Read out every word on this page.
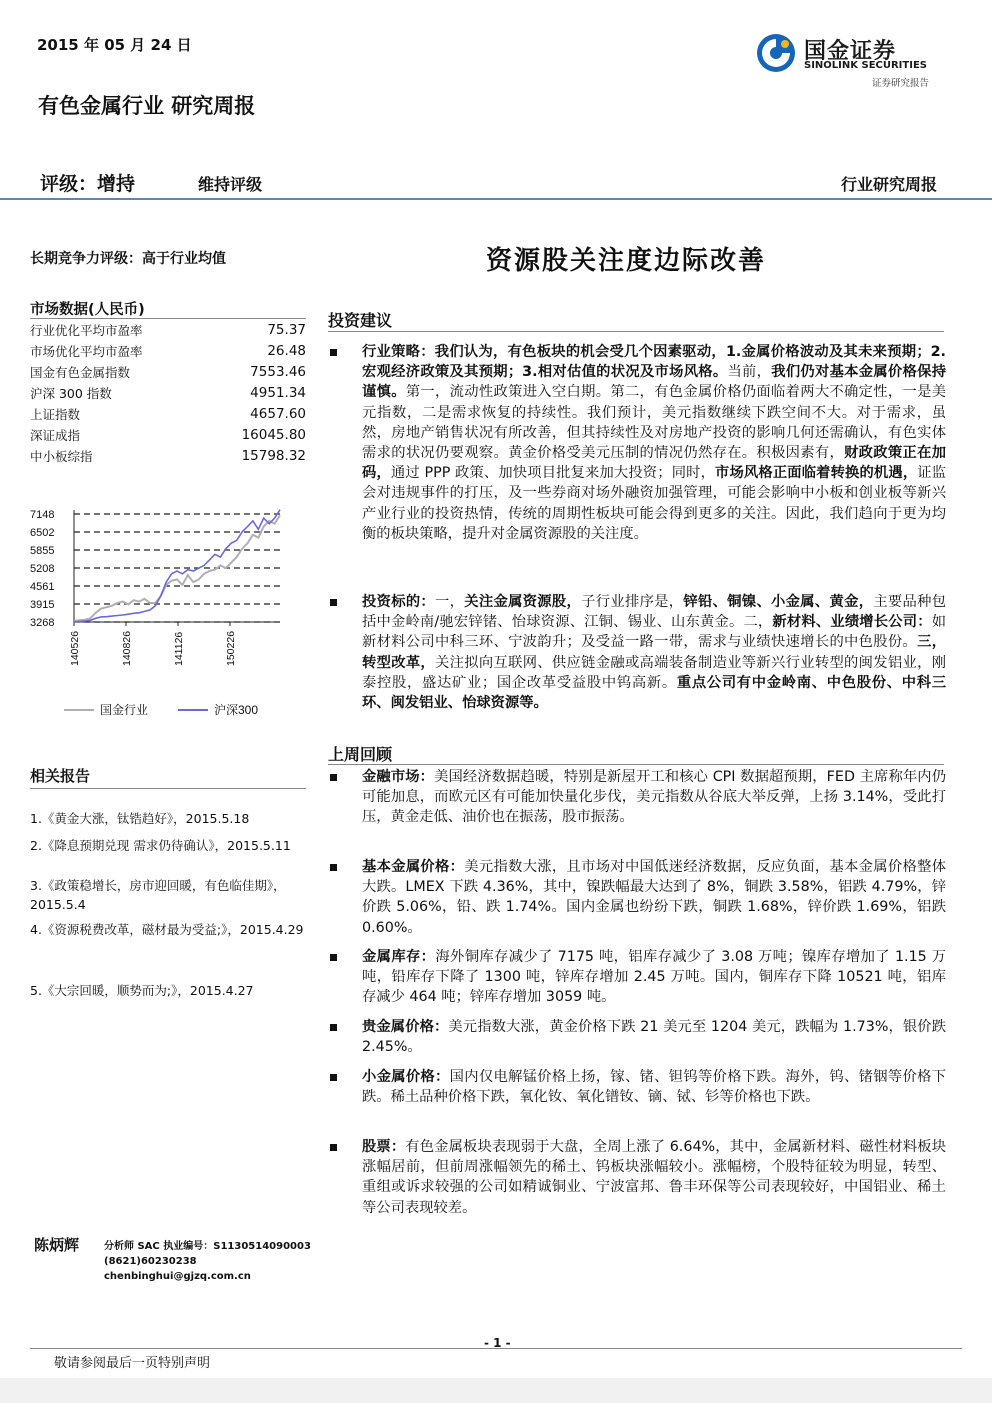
2015 年 05 月 24 日	国金证券
SINOLINK SECURITIES
证券研究报告
有色金属行业 研究周报
评级：增持	维持评级	行业研究周报
长期竞争力评级：高于行业均值	资源股关注度边际改善
市场数据(人民币)
行业优化平均市盈率	75.37
市场优化平均市盈率	26.48
国金有色金属指数	7553.46
沪深 300 指数	4951.34
上证指数	4657.60
深证成指	16045.80
中小板综指	15798.32
7148
6502
5855
5208
4561
3915
3268
140526	140826	141126	150226
国金行业	沪深300
相关报告
1.《黄金大涨，钛锆趋好》，2015.5.18
2.《降息预期兑现 需求仍待确认》，2015.5.11
3.《政策稳增长，房市迎回暖，有色临佳期》，2015.5.4
4.《资源税费改革，磁材最为受益;》，2015.4.29
5.《大宗回暖，顺势而为;》，2015.4.27
投资建议
行业策略：我们认为，有色板块的机会受几个因素驱动，1.金属价格波动及其未来预期；2.宏观经济政策及其预期；3.相对估值的状况及市场风格。当前，我们仍对基本金属价格保持谨慎。第一，流动性政策进入空白期。第二，有色金属价格仍面临着两大不确定性，一是美元指数，二是需求恢复的持续性。我们预计，美元指数继续下跌空间不大。对于需求，虽然，房地产销售状况有所改善，但其持续性及对房地产投资的影响几何还需确认，有色实体需求的状况仍要观察。黄金价格受美元压制的情况仍然存在。积极因素有，财政政策正在加码，通过 PPP 政策、加快项目批复来加大投资；同时，市场风格正面临着转换的机遇，证监会对违规事件的打压，及一些券商对场外融资加强管理，可能会影响中小板和创业板等新兴产业行业的投资热情，传统的周期性板块可能会得到更多的关注。因此，我们趋向于更为均衡的板块策略，提升对金属资源股的关注度。
投资标的：一，关注金属资源股，子行业排序是，锌铅、铜镍、小金属、黄金，主要品种包括中金岭南/驰宏锌锗、怡球资源、江铜、锡业、山东黄金。二，新材料、业绩增长公司：如新材料公司中科三环、宁波韵升；及受益一路一带，需求与业绩快速增长的中色股份。三，转型改革，关注拟向互联网、供应链金融或高端装备制造业等新兴行业转型的闽发铝业，刚泰控股，盛达矿业；国企改革受益股中钨高新。重点公司有中金岭南、中色股份、中科三环、闽发铝业、怡球资源等。
上周回顾
金融市场：美国经济数据趋暖，特别是新屋开工和核心 CPI 数据超预期，FED 主席称年内仍可能加息，而欧元区有可能加快量化步伐，美元指数从谷底大举反弹，上扬 3.14%，受此打压，黄金走低、油价也在振荡，股市振荡。
基本金属价格：美元指数大涨，且市场对中国低迷经济数据，反应负面，基本金属价格整体大跌。LMEX 下跌 4.36%，其中，镍跌幅最大达到了 8%，铜跌 3.58%，铝跌 4.79%，锌价跌 5.06%，铅、跌 1.74%。国内金属也纷纷下跌，铜跌 1.68%，锌价跌 1.69%，铝跌 0.60%。
金属库存：海外铜库存减少了 7175 吨，铝库存减少了 3.08 万吨；镍库存增加了 1.15 万吨，铅库存下降了 1300 吨，锌库存增加 2.45 万吨。国内，铜库存下降 10521 吨，铝库存减少 464 吨；锌库存增加 3059 吨。
贵金属价格：美元指数大涨，黄金价格下跌 21 美元至 1204 美元，跌幅为 1.73%，银价跌 2.45%。
小金属价格：国内仅电解锰价格上扬，镓、锗、钽钨等价格下跌。海外，钨、锗铟等价格下跌。稀土品种价格下跌，氧化钕、氧化镨钕、镝、铽、钐等价格也下跌。
股票：有色金属板块表现弱于大盘，全周上涨了 6.64%，其中，金属新材料、磁性材料板块涨幅居前，但前周涨幅领先的稀土、钨板块涨幅较小。涨幅榜，个股特征较为明显，转型、重组或诉求较强的公司如精诚铜业、宁波富邦、鲁丰环保等公司表现较好，中国铝业、稀土等公司表现较差。
陈炳辉 分析师 SAC 执业编号：S1130514090003
(8621)60230238
chenbinghui@gjzq.com.cn
- 1 -
敬请参阅最后一页特别声明
